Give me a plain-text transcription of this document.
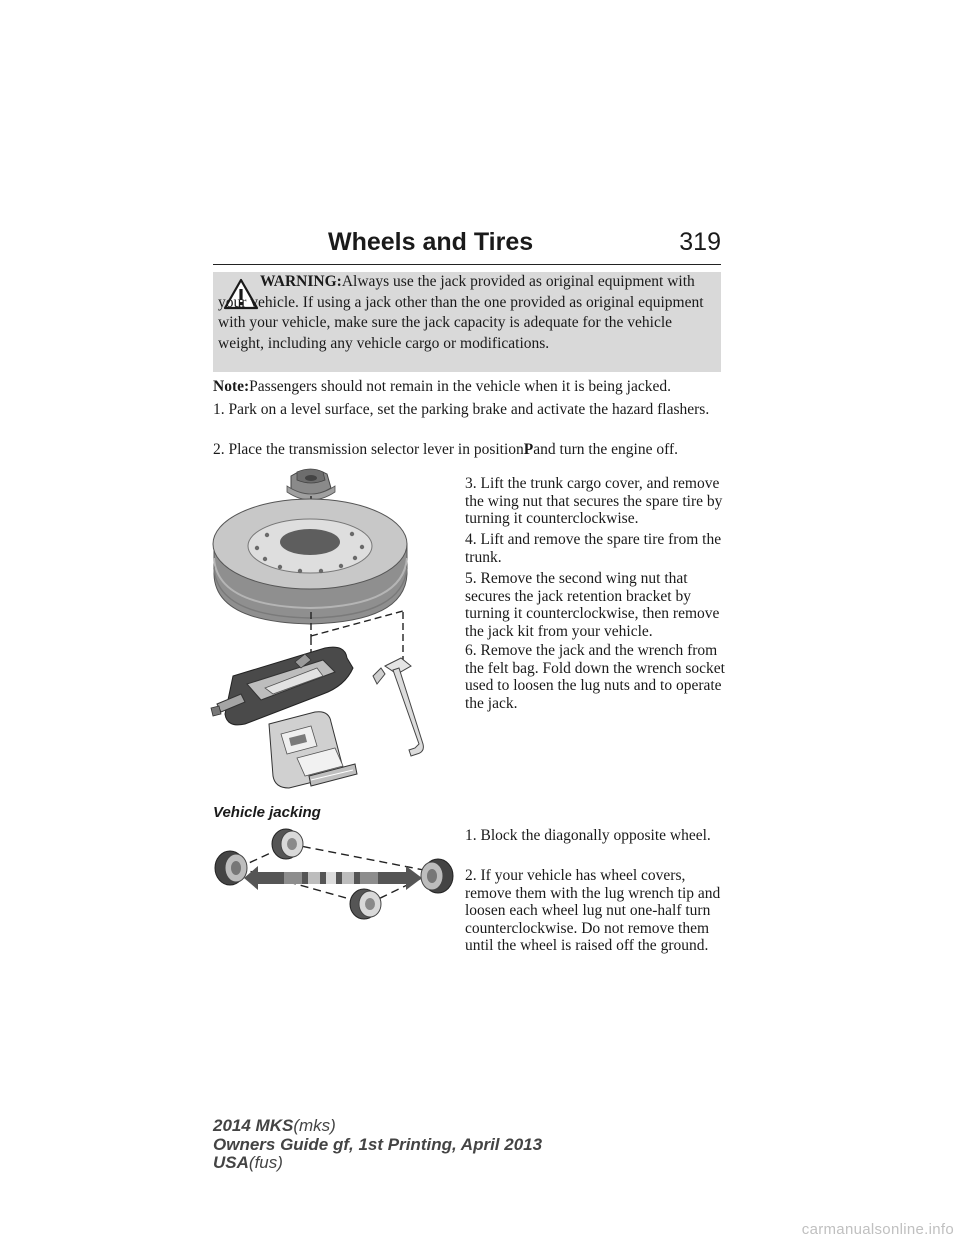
Wheels and Tires	319
WARNING:Always use the jack provided as original equipment with your vehicle. If using a jack other than the one provided as original equipment with your vehicle, make sure the jack capacity is adequate for the vehicle weight, including any vehicle cargo or modifications.

Note:Passengers should not remain in the vehicle when it is being jacked.

1. Park on a level surface, set the parking brake and activate the hazard flashers.

2. Place the transmission selector lever in positionPand turn the engine off.

3. Lift the trunk cargo cover, and remove the wing nut that secures the spare tire by turning it counterclockwise.

4. Lift and remove the spare tire from the trunk.

5. Remove the second wing nut that secures the jack retention bracket by turning it counterclockwise, then remove the jack kit from your vehicle.

6. Remove the jack and the wrench from the felt bag. Fold down the wrench socket used to loosen the lug nuts and to operate the jack.

Vehicle jacking

1. Block the diagonally opposite wheel.

2. If your vehicle has wheel covers, remove them with the lug wrench tip and loosen each wheel lug nut one-half turn counterclockwise. Do not remove them until the wheel is raised off the ground.

2014 MKS(mks)
Owners Guide gf, 1st Printing, April 2013
USA(fus)
carmanualsonline.info
